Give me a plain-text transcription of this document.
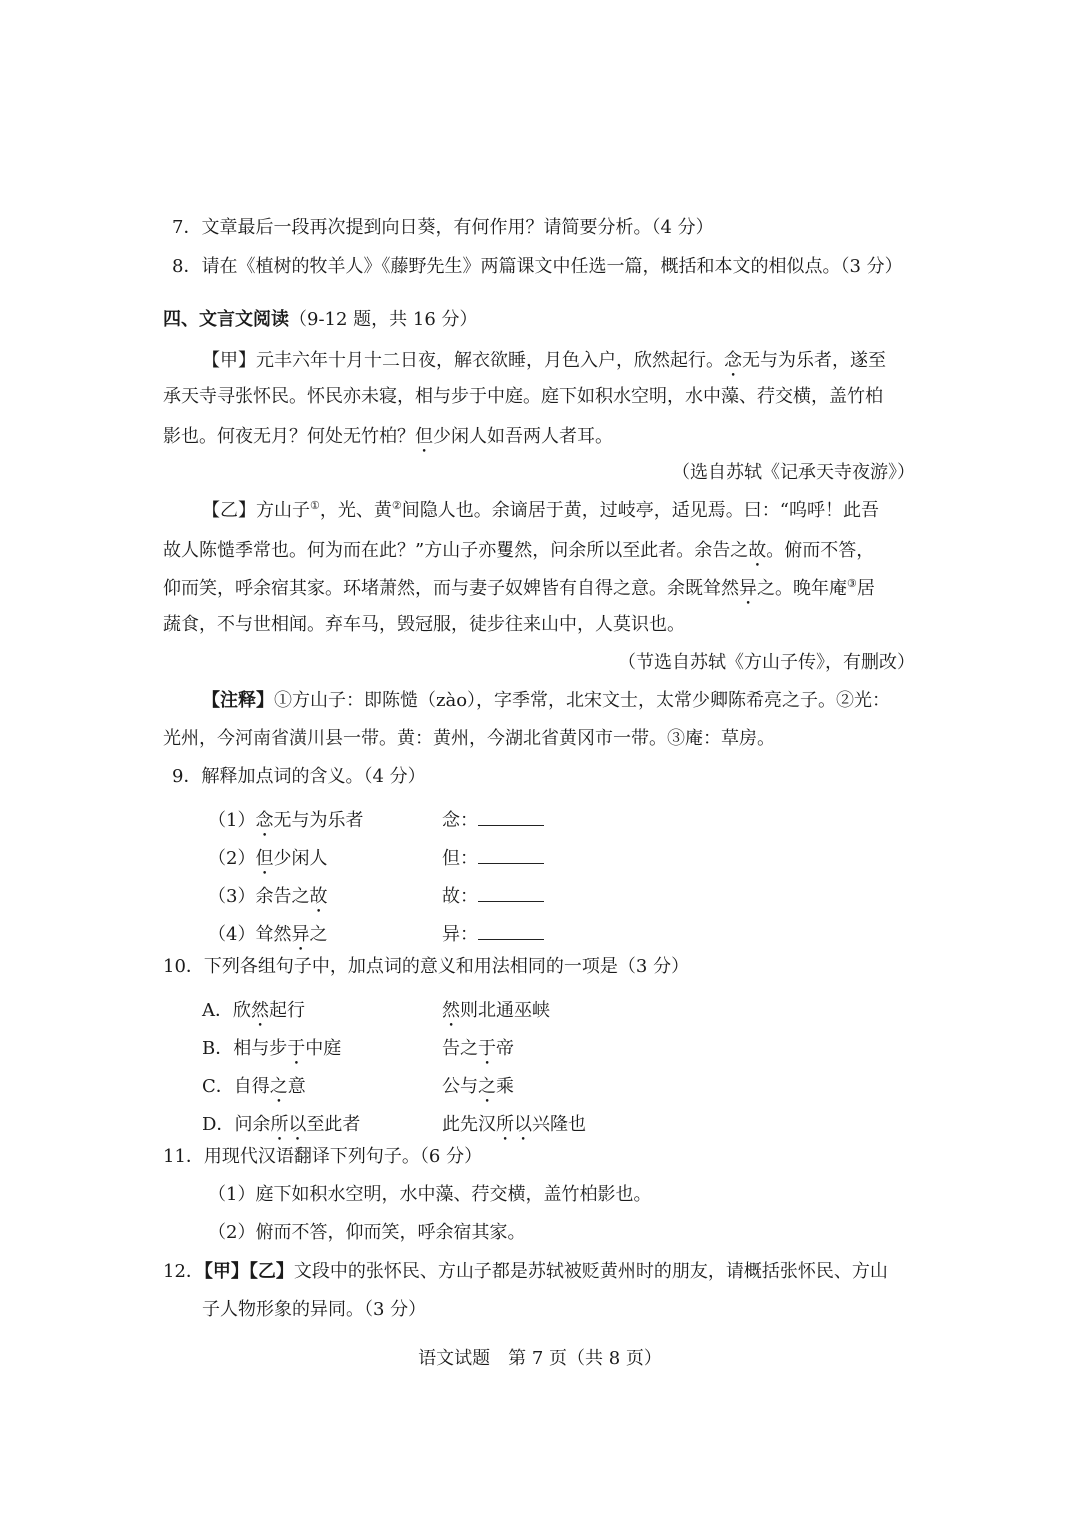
7．文章最后一段再次提到向日葵，有何作用？请简要分析。（4 分）
8．请在《植树的牧羊人》《藤野先生》两篇课文中任选一篇，概括和本文的相似点。（3 分）
四、文言文阅读（9-12 题，共 16 分）
【甲】元丰六年十月十二日夜，解衣欲睡，月色入户，欣然起行。念无与为乐者，遂至
承天寺寻张怀民。怀民亦未寝，相与步于中庭。庭下如积水空明，水中藻、荇交横，盖竹柏
影也。何夜无月？何处无竹柏？但少闲人如吾两人者耳。
（选自苏轼《记承天寺夜游》）
【乙】方山子①，光、黄②间隐人也。余谪居于黄，过岐亭，适见焉。曰：“呜呼！此吾
故人陈慥季常也。何为而在此？”方山子亦矍然，问余所以至此者。余告之故。俯而不答，
仰而笑，呼余宿其家。环堵萧然，而与妻子奴婢皆有自得之意。余既耸然异之。晚年庵③居
蔬食，不与世相闻。弃车马，毁冠服，徒步往来山中，人莫识也。
（节选自苏轼《方山子传》，有删改）
【注释】①方山子：即陈慥（zào），字季常，北宋文士，太常少卿陈希亮之子。②光：
光州，今河南省潢川县一带。黄：黄州，今湖北省黄冈市一带。③庵：草房。
9．解释加点词的含义。（4 分）
（1）念无与为乐者	念：
（2）但少闲人	但：
（3）余告之故	故：
（4）耸然异之	异：
10．下列各组句子中，加点词的意义和用法相同的一项是（3 分）
A．欣然起行	然则北通巫峡
B．相与步于中庭	告之于帝
C．自得之意	公与之乘
D．问余所以至此者	此先汉所以兴隆也
11．用现代汉语翻译下列句子。（6 分）
（1）庭下如积水空明，水中藻、荇交横，盖竹柏影也。
（2）俯而不答，仰而笑，呼余宿其家。
12．【甲】【乙】文段中的张怀民、方山子都是苏轼被贬黄州时的朋友，请概括张怀民、方山
子人物形象的异同。（3 分）
语文试题　第 7 页（共 8 页）
